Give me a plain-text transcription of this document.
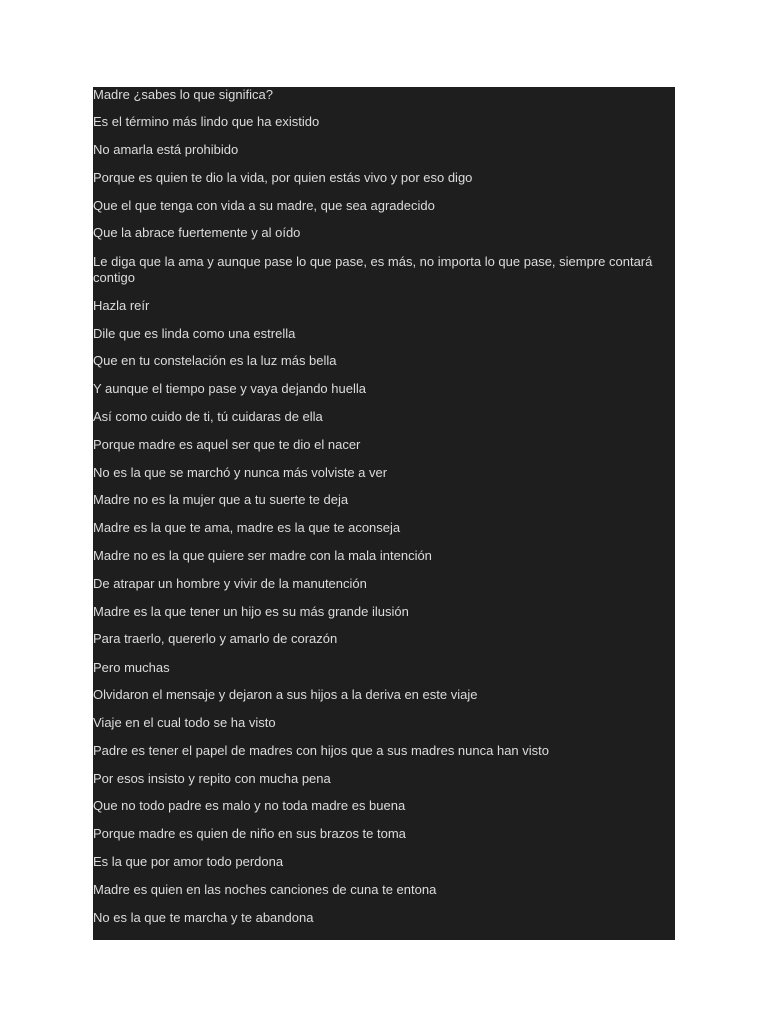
Madre ¿sabes lo que significa?
Es el término más lindo que ha existido
No amarla está prohibido
Porque es quien te dio la vida, por quien estás vivo y por eso digo
Que el que tenga con vida a su madre, que sea agradecido
Que la abrace fuertemente y al oído
Le diga que la ama y aunque pase lo que pase, es más, no importa lo que pase, siempre contará contigo
Hazla reír
Dile que es linda como una estrella
Que en tu constelación es la luz más bella
Y aunque el tiempo pase y vaya dejando huella
Así como cuido de ti, tú cuidaras de ella
Porque madre es aquel ser que te dio el nacer
No es la que se marchó y nunca más volviste a ver
Madre no es la mujer que a tu suerte te deja
Madre es la que te ama, madre es la que te aconseja
Madre no es la que quiere ser madre con la mala intención
De atrapar un hombre y vivir de la manutención
Madre es la que tener un hijo es su más grande ilusión
Para traerlo, quererlo y amarlo de corazón
Pero muchas
Olvidaron el mensaje y dejaron a sus hijos a la deriva en este viaje
Viaje en el cual todo se ha visto
Padre es tener el papel de madres con hijos que a sus madres nunca han visto
Por esos insisto y repito con mucha pena
Que no todo padre es malo y no toda madre es buena
Porque madre es quien de niño en sus brazos te toma
Es la que por amor todo perdona
Madre es quien en las noches canciones de cuna te entona
No es la que te marcha y te abandona
